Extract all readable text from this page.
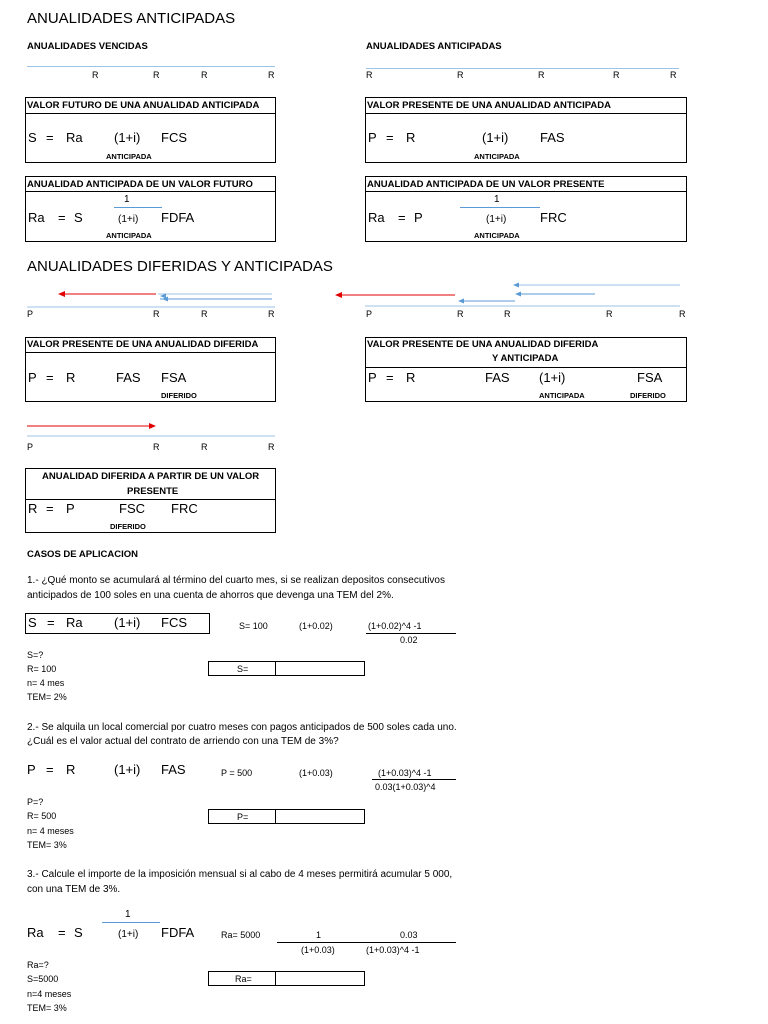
ANUALIDADES ANTICIPADAS
ANUALIDADES VENCIDAS	ANUALIDADES ANTICIPADAS
R	R	R	R	R	R	R	R	R
VALOR FUTURO DE UNA ANUALIDAD ANTICIPADA
S = Ra (1+i) FCS
ANTICIPADA
VALOR PRESENTE DE UNA ANUALIDAD ANTICIPADA
P = R	(1+i) FAS
ANTICIPADA
ANUALIDAD ANTICIPADA DE UN VALOR FUTURO
1
Ra = S	(1+i) FDFA
ANTICIPADA
ANUALIDAD ANTICIPADA DE UN VALOR PRESENTE
1
Ra = P	(1+i)	FRC
ANTICIPADA
ANUALIDADES DIFERIDAS Y ANTICIPADAS
P	R	R	R	P	R	R	R	R
VALOR PRESENTE DE UNA ANUALIDAD DIFERIDA
P = R	FAS FSA
DIFERIDO
VALOR PRESENTE DE UNA ANUALIDAD DIFERIDA
Y ANTICIPADA
P = R	FAS (1+i)	FSA
ANTICIPADA	DIFERIDO
P	R	R	R
ANUALIDAD DIFERIDA A PARTIR DE UN VALOR
PRESENTE
R = P	FSC FRC
DIFERIDO
CASOS DE APLICACION
1.- ¿Qué monto se acumulará al término del cuarto mes, si se realizan depositos consecutivos
anticipados de 100 soles en una cuenta de ahorros que devenga una TEM del 2%.
S = Ra (1+i) FCS	S= 100	(1+0.02)	(1+0.02)^4 -1
0.02
S=?
R= 100
n= 4 mes
TEM= 2%
S=
2.- Se alquila un local comercial por cuatro meses con pagos anticipados de 500 soles cada uno.
¿Cuál es el valor actual del contrato de arriendo con una TEM de 3%?
P = R	(1+i) FAS	P = 500	(1+0.03)	(1+0.03)^4 -1
0.03(1+0.03)^4
P=?
R= 500
n= 4 meses
TEM= 3%
P=
3.- Calcule el importe de la imposición mensual si al cabo de 4 meses permitirá acumular 5 000,
con una TEM de 3%.
1
Ra = S	(1+i) FDFA	Ra= 5000	1	0.03
(1+0.03)	(1+0.03)^4 -1
Ra=?
S=5000
n=4 meses
TEM= 3%
Ra=
